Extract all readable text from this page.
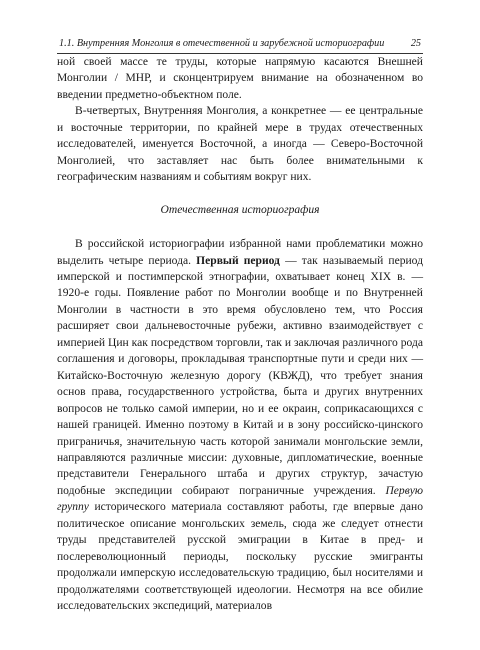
1.1. Внутренняя Монголия в отечественной и зарубежной историографии	25

ной своей массе те труды, которые напрямую касаются Внешней Монголии / МНР, и сконцентрируем внимание на обозначенном во введении предметно-объектном поле.

В-четвертых, Внутренняя Монголия, а конкретнее — ее центральные и восточные территории, по крайней мере в трудах отечественных исследователей, именуется Восточной, а иногда — Северо-Восточной Монголией, что заставляет нас быть более внимательными к географическим названиям и событиям вокруг них.

Отечественная историография

В российской историографии избранной нами проблематики можно выделить четыре периода. Первый период — так называемый период имперской и постимперской этнографии, охватывает конец XIX в. — 1920-е годы. Появление работ по Монголии вообще и по Внутренней Монголии в частности в это время обусловлено тем, что Россия расширяет свои дальневосточные рубежи, активно взаимодействует с империей Цин как посредством торговли, так и заключая различного рода соглашения и договоры, прокладывая транспортные пути и среди них — Китайско-Восточную железную дорогу (КВЖД), что требует знания основ права, государственного устройства, быта и других внутренних вопросов не только самой империи, но и ее окраин, соприкасающихся с нашей границей. Именно поэтому в Китай и в зону российско-цинского приграничья, значительную часть которой занимали монгольские земли, направляются различные миссии: духовные, дипломатические, военные представители Генерального штаба и других структур, зачастую подобные экспедиции собирают пограничные учреждения. Первую группу исторического материала составляют работы, где впервые дано политическое описание монгольских земель, сюда же следует отнести труды представителей русской эмиграции в Китае в пред- и послереволюционный периоды, поскольку русские эмигранты продолжали имперскую исследовательскую традицию, был носителями и продолжателями соответствующей идеологии. Несмотря на все обилие исследовательских экспедиций, материалов
